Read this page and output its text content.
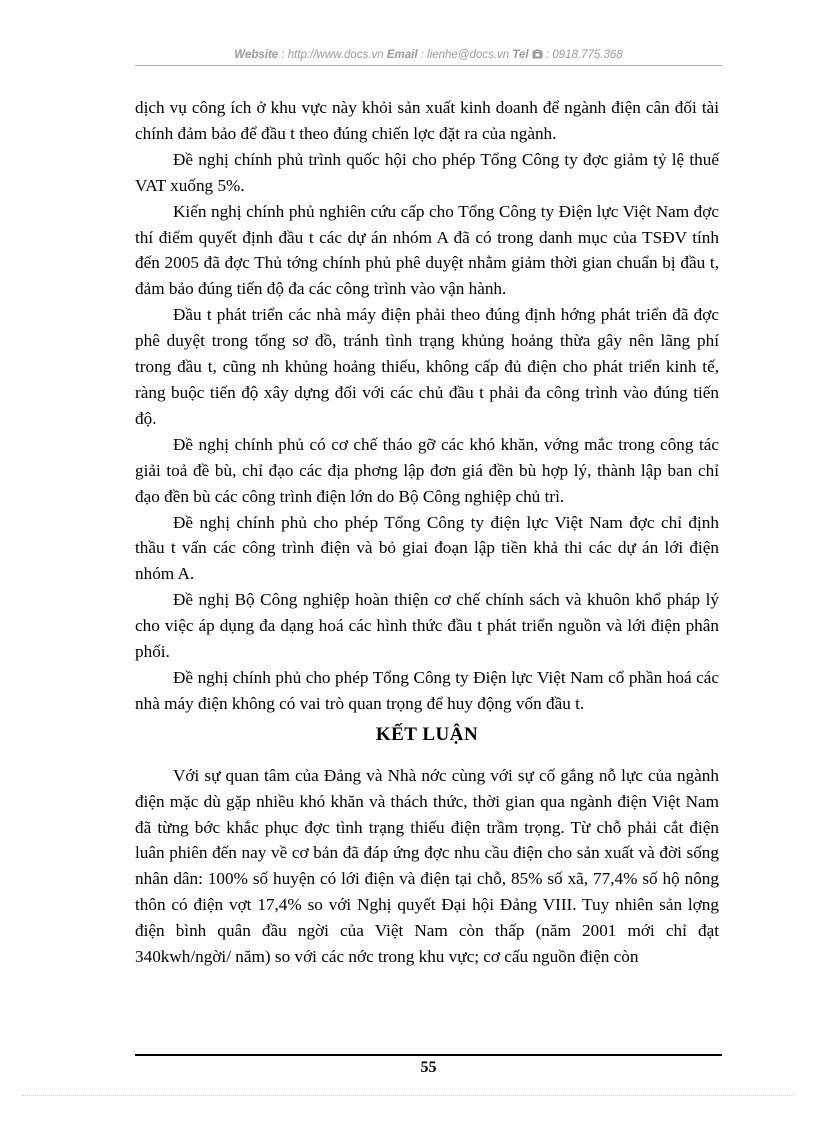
Website : http://www.docs.vn Email : lienhe@docs.vn Tel : 0918.775.368

dịch vụ công ích ở khu vực này khỏi sản xuất kinh doanh để ngành điện cân đối tài chính đảm bảo để đầu t theo đúng chiến lợc đặt ra của ngành.

Đề nghị chính phủ trình quốc hội cho phép Tổng Công ty đợc giảm tỷ lệ thuế VAT xuống 5%.

Kiến nghị chính phủ nghiên cứu cấp cho Tổng Công ty Điện lực Việt Nam đợc thí điểm quyết định đầu t các dự án nhóm A đã có trong danh mục của TSĐV tính đến 2005 đã đợc Thủ tớng chính phủ phê duyệt nhằm giảm thời gian chuẩn bị đầu t, đảm bảo đúng tiến độ đa các công trình vào vận hành.

Đầu t phát triển các nhà máy điện phải theo đúng định hớng phát triển đã đợc phê duyệt trong tổng sơ đồ, tránh tình trạng khủng hoảng thừa gây nên lãng phí trong đầu t, cũng nh khủng hoảng thiếu, không cấp đủ điện cho phát triển kinh tế, ràng buộc tiến độ xây dựng đối với các chủ đầu t phải đa công trình vào đúng tiến độ.

Đề nghị chính phủ có cơ chế tháo gỡ các khó khăn, vớng mắc trong công tác giải toả đề bù, chỉ đạo các địa phơng lập đơn giá đền bù hợp lý, thành lập ban chỉ đạo đền bù các công trình điện lớn do Bộ Công nghiệp chủ trì.

Đề nghị chính phủ cho phép Tổng Công ty điện lực Việt Nam đợc chỉ định thầu t vấn các công trình điện và bỏ giai đoạn lập tiền khả thi các dự án lới điện nhóm A.

Đề nghị Bộ Công nghiệp hoàn thiện cơ chế chính sách và khuôn khổ pháp lý cho việc áp dụng đa dạng hoá các hình thức đầu t phát triển nguồn và lới điện phân phối.

Đề nghị chính phủ cho phép Tổng Công ty Điện lực Việt Nam cổ phần hoá các nhà máy điện không có vai trò quan trọng để huy động vốn đầu t.

KẾT LUẬN

Với sự quan tâm của Đảng và Nhà nớc cùng với sự cố gắng nỗ lực của ngành điện mặc dù gặp nhiều khó khăn và thách thức, thời gian qua ngành điện Việt Nam đã từng bớc khắc phục đợc tình trạng thiếu điện trầm trọng. Từ chỗ phải cắt điện luân phiên đến nay về cơ bản đã đáp ứng đợc nhu cầu điện cho sản xuất và đời sống nhân dân: 100% số huyện có lới điện và điện tại chỗ, 85% số xã, 77,4% số hộ nông thôn có điện vợt 17,4% so với Nghị quyết Đại hội Đảng VIII. Tuy nhiên sản lợng điện bình quân đầu ngời của Việt Nam còn thấp (năm 2001 mới chỉ đạt 340kwh/ngời/ năm) so với các nớc trong khu vực; cơ cấu nguồn điện còn

55
